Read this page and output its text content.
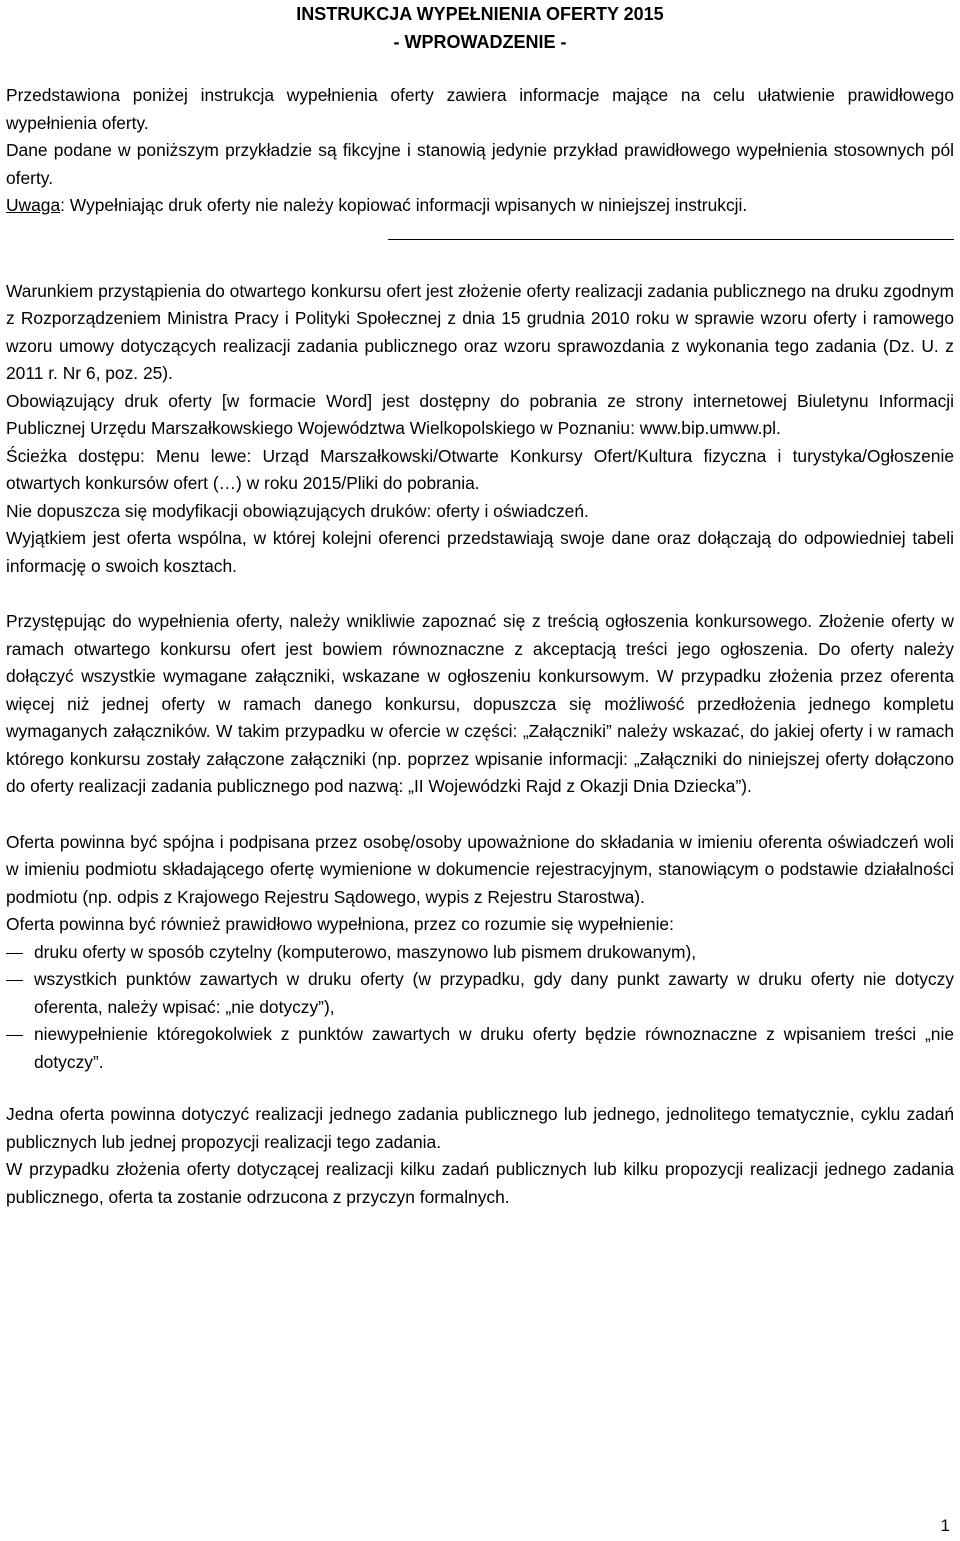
INSTRUKCJA WYPEŁNIENIA OFERTY 2015

- WPROWADZENIE -

Przedstawiona poniżej instrukcja wypełnienia oferty zawiera informacje mające na celu ułatwienie prawidłowego wypełnienia oferty.

Dane podane w poniższym przykładzie są fikcyjne i stanowią jedynie przykład prawidłowego wypełnienia stosownych pól oferty.

Uwaga: Wypełniając druk oferty nie należy kopiować informacji wpisanych w niniejszej instrukcji.

Warunkiem przystąpienia do otwartego konkursu ofert jest złożenie oferty realizacji zadania publicznego na druku zgodnym z Rozporządzeniem Ministra Pracy i Polityki Społecznej z dnia 15 grudnia 2010 roku w sprawie wzoru oferty i ramowego wzoru umowy dotyczących realizacji zadania publicznego oraz wzoru sprawozdania z wykonania tego zadania (Dz. U. z 2011 r. Nr 6, poz. 25).

Obowiązujący druk oferty [w formacie Word] jest dostępny do pobrania ze strony internetowej Biuletynu Informacji Publicznej Urzędu Marszałkowskiego Województwa Wielkopolskiego w Poznaniu: www.bip.umww.pl.

Ścieżka dostępu: Menu lewe: Urząd Marszałkowski/Otwarte Konkursy Ofert/Kultura fizyczna i turystyka/Ogłoszenie otwartych konkursów ofert (…) w roku 2015/Pliki do pobrania.

Nie dopuszcza się modyfikacji obowiązujących druków: oferty i oświadczeń.

Wyjątkiem jest oferta wspólna, w której kolejni oferenci przedstawiają swoje dane oraz dołączają do odpowiedniej tabeli informację o swoich kosztach.

Przystępując do wypełnienia oferty, należy wnikliwie zapoznać się z treścią ogłoszenia konkursowego. Złożenie oferty w ramach otwartego konkursu ofert jest bowiem równoznaczne z akceptacją treści jego ogłoszenia. Do oferty należy dołączyć wszystkie wymagane załączniki, wskazane w ogłoszeniu konkursowym. W przypadku złożenia przez oferenta więcej niż jednej oferty w ramach danego konkursu, dopuszcza się możliwość przedłożenia jednego kompletu wymaganych załączników. W takim przypadku w ofercie w części: „Załączniki” należy wskazać, do jakiej oferty i w ramach którego konkursu zostały załączone załączniki (np. poprzez wpisanie informacji: „Załączniki do niniejszej oferty dołączono do oferty realizacji zadania publicznego pod nazwą: „II Wojewódzki Rajd z Okazji Dnia Dziecka”).

Oferta powinna być spójna i podpisana przez osobę/osoby upoważnione do składania w imieniu oferenta oświadczeń woli w imieniu podmiotu składającego ofertę wymienione w dokumencie rejestracyjnym, stanowiącym o podstawie działalności podmiotu (np. odpis z Krajowego Rejestru Sądowego, wypis z Rejestru Starostwa).

Oferta powinna być również prawidłowo wypełniona, przez co rozumie się wypełnienie:

druku oferty w sposób czytelny (komputerowo, maszynowo lub pismem drukowanym),
wszystkich punktów zawartych w druku oferty (w przypadku, gdy dany punkt zawarty w druku oferty nie dotyczy oferenta, należy wpisać: „nie dotyczy”),
niewypełnienie któregokolwiek z punktów zawartych w druku oferty będzie równoznaczne z wpisaniem treści „nie dotyczy”.

Jedna oferta powinna dotyczyć realizacji jednego zadania publicznego lub jednego, jednolitego tematycznie, cyklu zadań publicznych lub jednej propozycji realizacji tego zadania.

W przypadku złożenia oferty dotyczącej realizacji kilku zadań publicznych lub kilku propozycji realizacji jednego zadania publicznego, oferta ta zostanie odrzucona z przyczyn formalnych.

1
